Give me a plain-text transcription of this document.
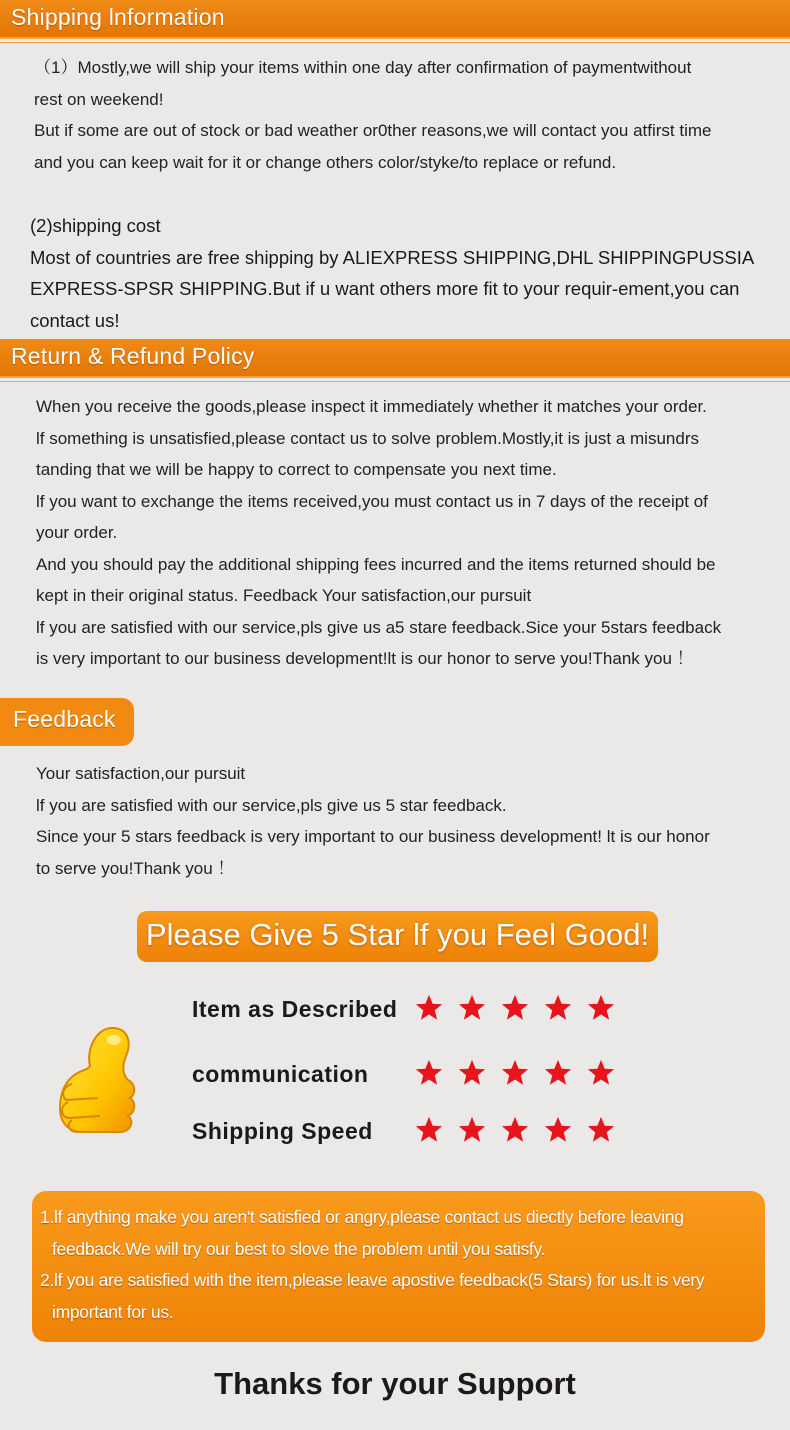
Shipping lnformation

（1）Mostly,we will ship your items within one day after confirmation of paymentwithout

rest on weekend!

But if some are out of stock or bad weather or0ther reasons,we will contact you atfirst time

and you can keep wait for it or change others color/styke/to replace or refund.

(2)shipping cost

Most of countries are free shipping by ALIEXPRESS SHIPPING,DHL SHIPPINGPUSSIA

EXPRESS-SPSR SHIPPING.But if u want others more fit to your requir-ement,you can

contact us!

Return & Refund Policy

When you receive the goods,please inspect it immediately whether it matches your order.

lf something is unsatisfied,please contact us to solve problem.Mostly,it is just a misundrs

tanding that we will be happy to correct to compensate you next time.

lf you want to exchange the items received,you must contact us in 7 days of the receipt of

your order.

And you should pay the additional shipping fees incurred and the items returned should be

kept in their original status. Feedback Your satisfaction,our pursuit

lf you are satisfied with our service,pls give us a5 stare feedback.Sice your 5stars feedback

is very important to our business development!lt is our honor to serve you!Thank you ！

Feedback

Your satisfaction,our pursuit

lf you are satisfied with our service,pls give us 5 star feedback.

Since your 5 stars feedback is very important to our business development! lt is our honor

to serve you!Thank you ！

Please Give 5 Star lf you Feel Good!
Item as Described
communication
Shipping Speed

1.lf anything make you aren't satisfied or angry,please contact us diectly before leaving

feedback.We will try our best to slove the problem until you satisfy.

2.lf you are satisfied with the item,please leave apostive feedback(5 Stars) for us.lt is very

important for us.

Thanks for your Support
